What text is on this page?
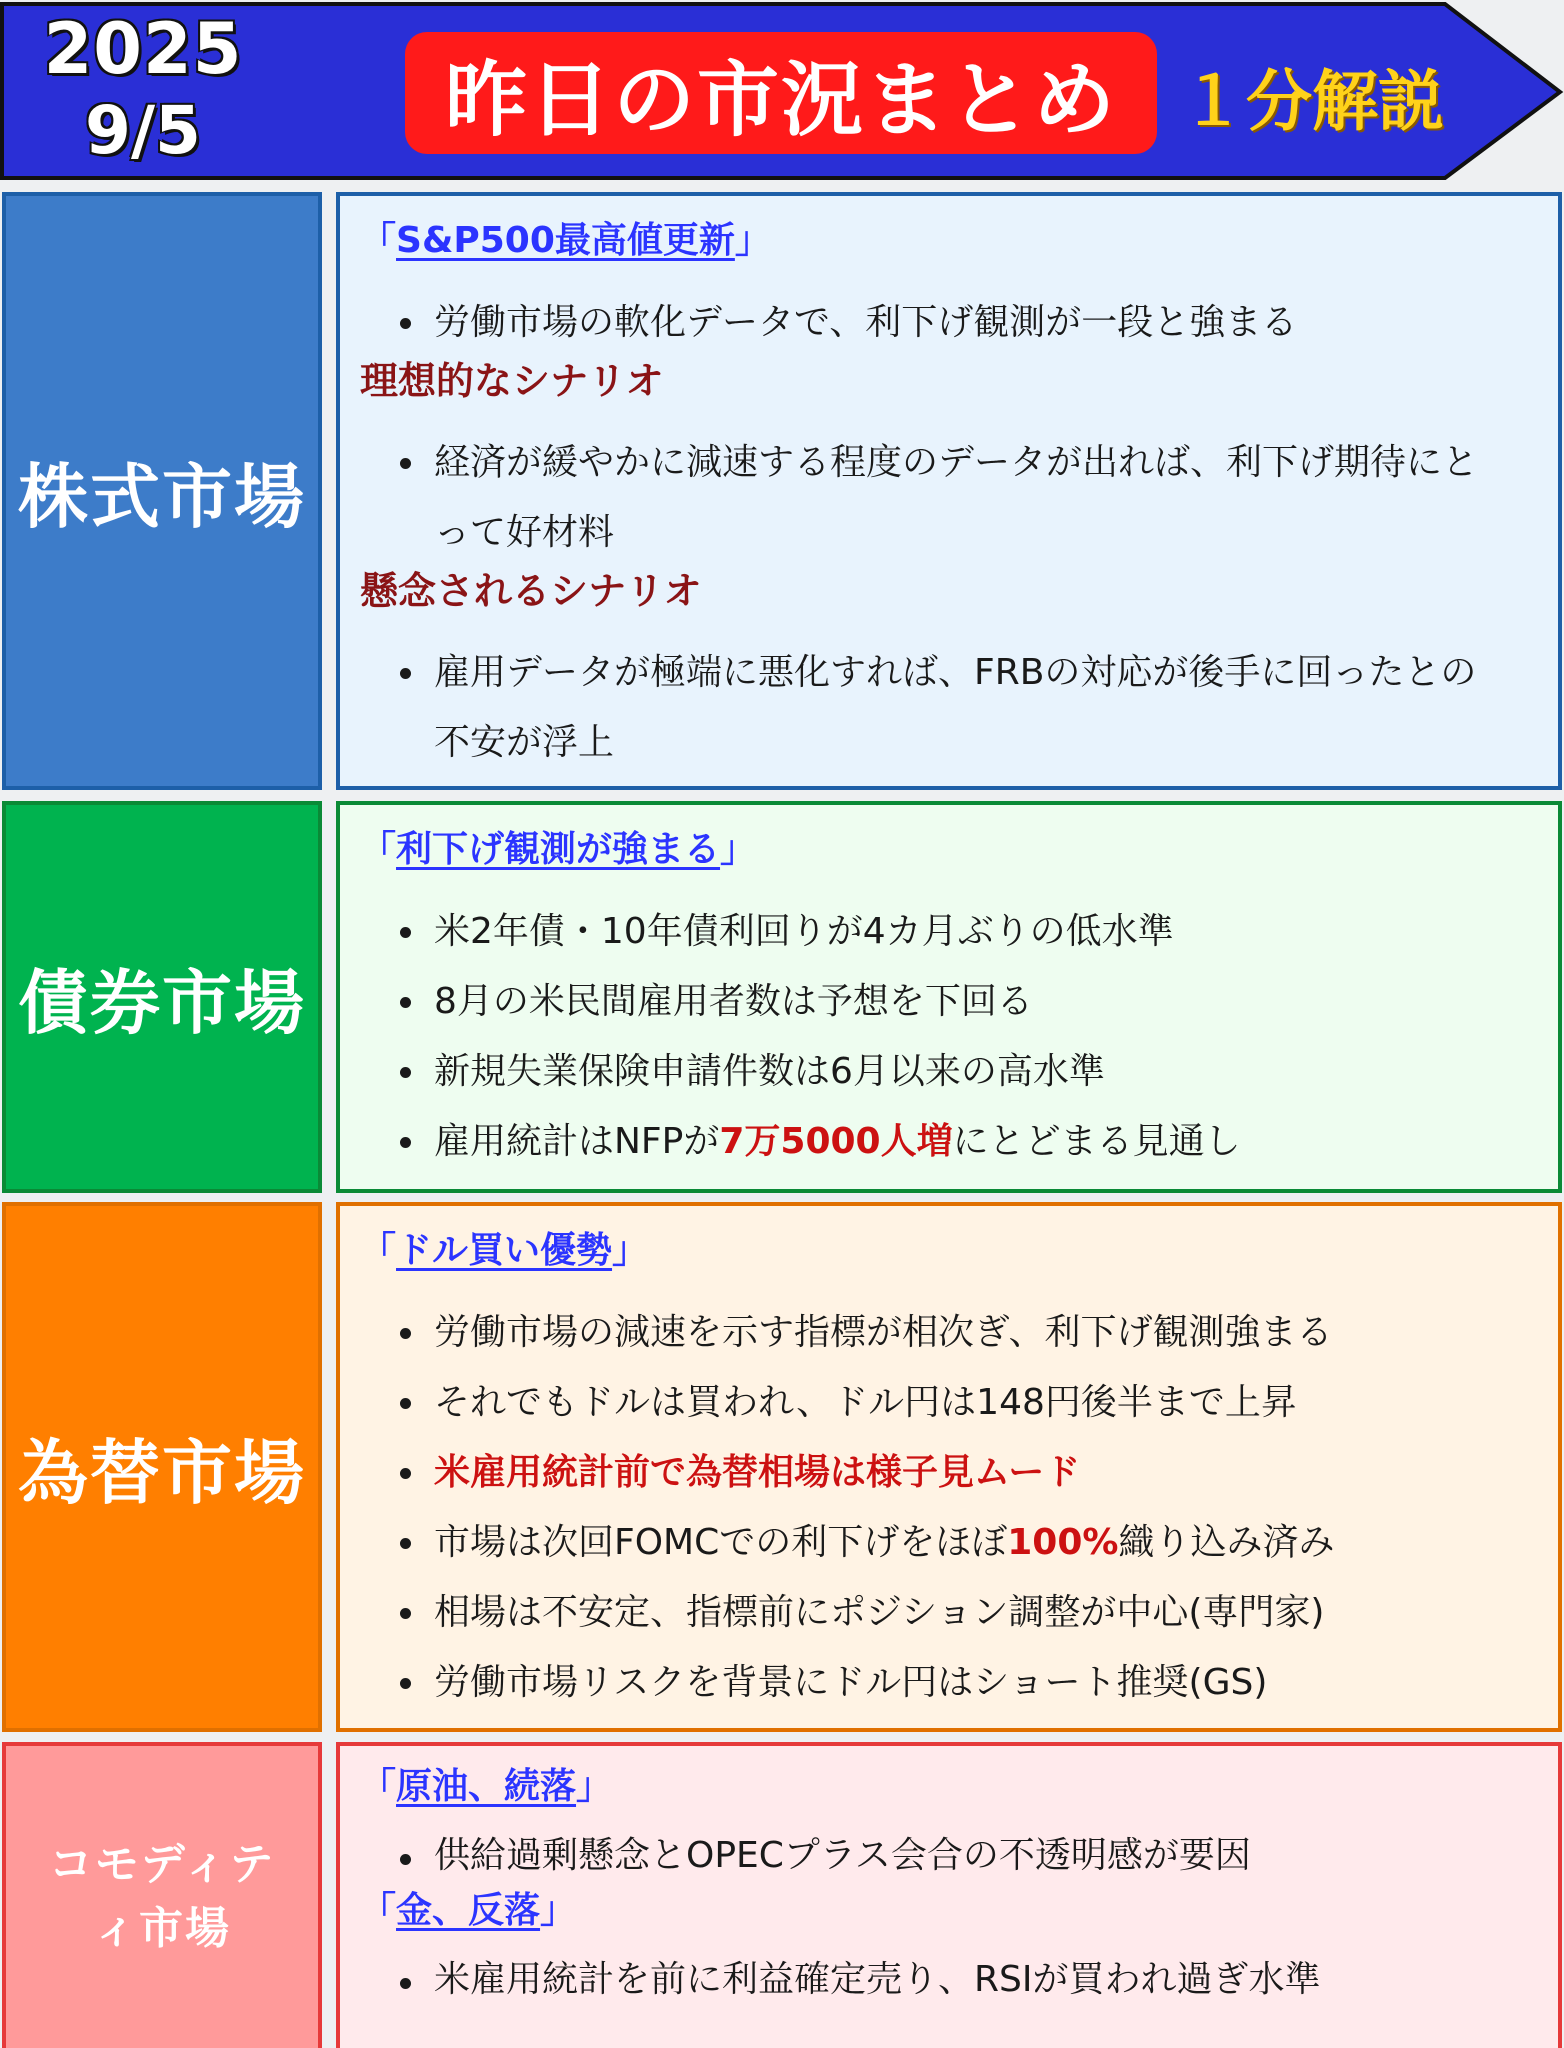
2025
9/5	昨日の市況まとめ １分解説
株式市場
「S&P500最高値更新」
労働市場の軟化データで、利下げ観測が一段と強まる
理想的なシナリオ
経済が緩やかに減速する程度のデータが出れば、利下げ期待にとって好材料
懸念されるシナリオ
雇用データが極端に悪化すれば、FRBの対応が後手に回ったとの不安が浮上
債券市場
「利下げ観測が強まる」
米2年債・10年債利回りが4カ月ぶりの低水準
8月の米民間雇用者数は予想を下回る
新規失業保険申請件数は6月以来の高水準
雇用統計はNFPが7万5000人増にとどまる見通し
為替市場
「ドル買い優勢」
労働市場の減速を示す指標が相次ぎ、利下げ観測強まる
それでもドルは買われ、ドル円は148円後半まで上昇
米雇用統計前で為替相場は様子見ムード
市場は次回FOMCでの利下げをほぼ100%織り込み済み
相場は不安定、指標前にポジション調整が中心(専門家)
労働市場リスクを背景にドル円はショート推奨(GS)
コモディティ市場
「原油、続落」
供給過剰懸念とOPECプラス会合の不透明感が要因
「金、反落」
米雇用統計を前に利益確定売り、RSIが買われ過ぎ水準
